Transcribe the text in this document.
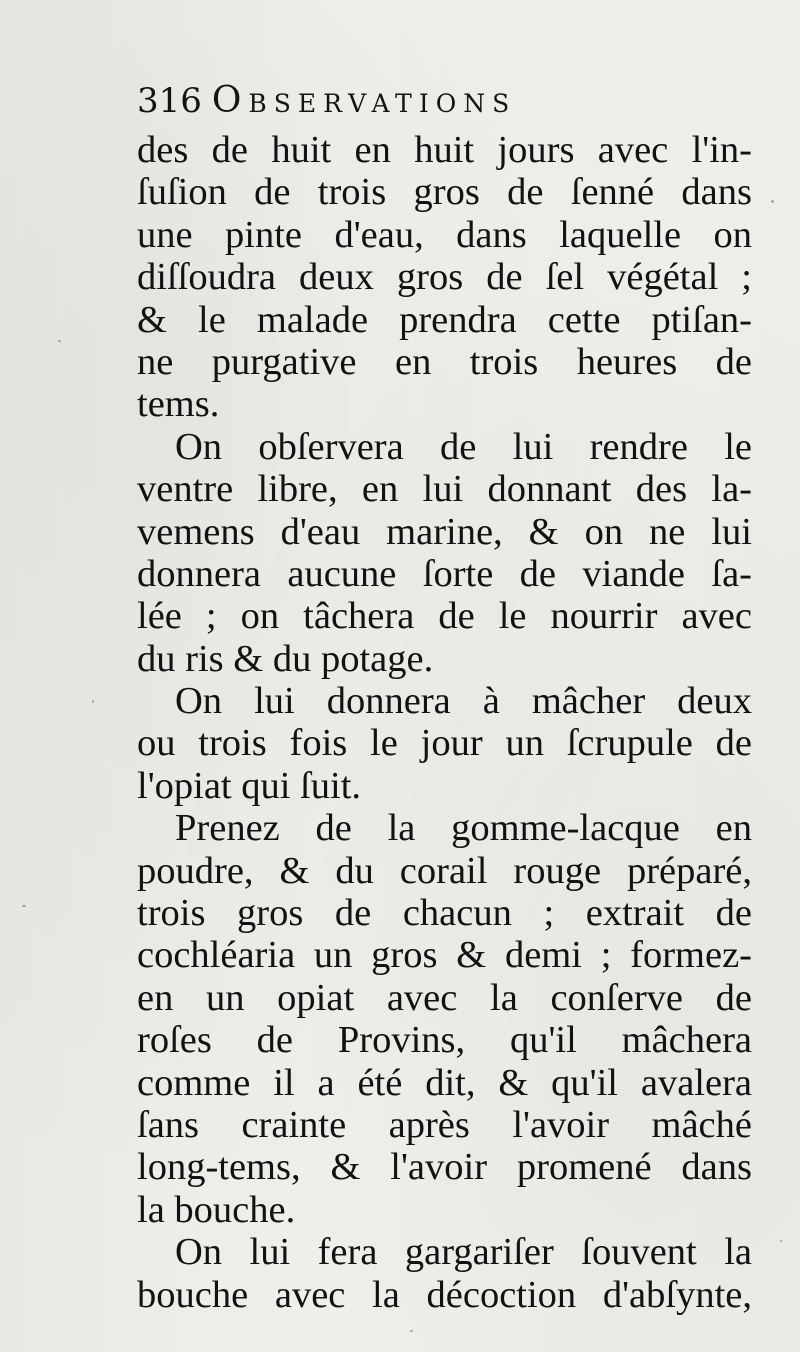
316 Observations
des de huit en huit jours avec l'in-
ſuſion de trois gros de ſenné dans
une pinte d'eau, dans laquelle on
diſſoudra deux gros de ſel végétal ;
& le malade prendra cette ptiſan-
ne purgative en trois heures de
tems.
On obſervera de lui rendre le
ventre libre, en lui donnant des la-
vemens d'eau marine, & on ne lui
donnera aucune ſorte de viande ſa-
lée ; on tâchera de le nourrir avec
du ris & du potage.
On lui donnera à mâcher deux
ou trois fois le jour un ſcrupule de
l'opiat qui ſuit.
Prenez de la gomme-lacque en
poudre, & du corail rouge préparé,
trois gros de chacun ; extrait de
cochléaria un gros & demi ; formez-
en un opiat avec la conſerve de
roſes de Provins, qu'il mâchera
comme il a été dit, & qu'il avalera
ſans crainte après l'avoir mâché
long-tems, & l'avoir promené dans
la bouche.
On lui fera gargariſer ſouvent la
bouche avec la décoction d'abſynte,
